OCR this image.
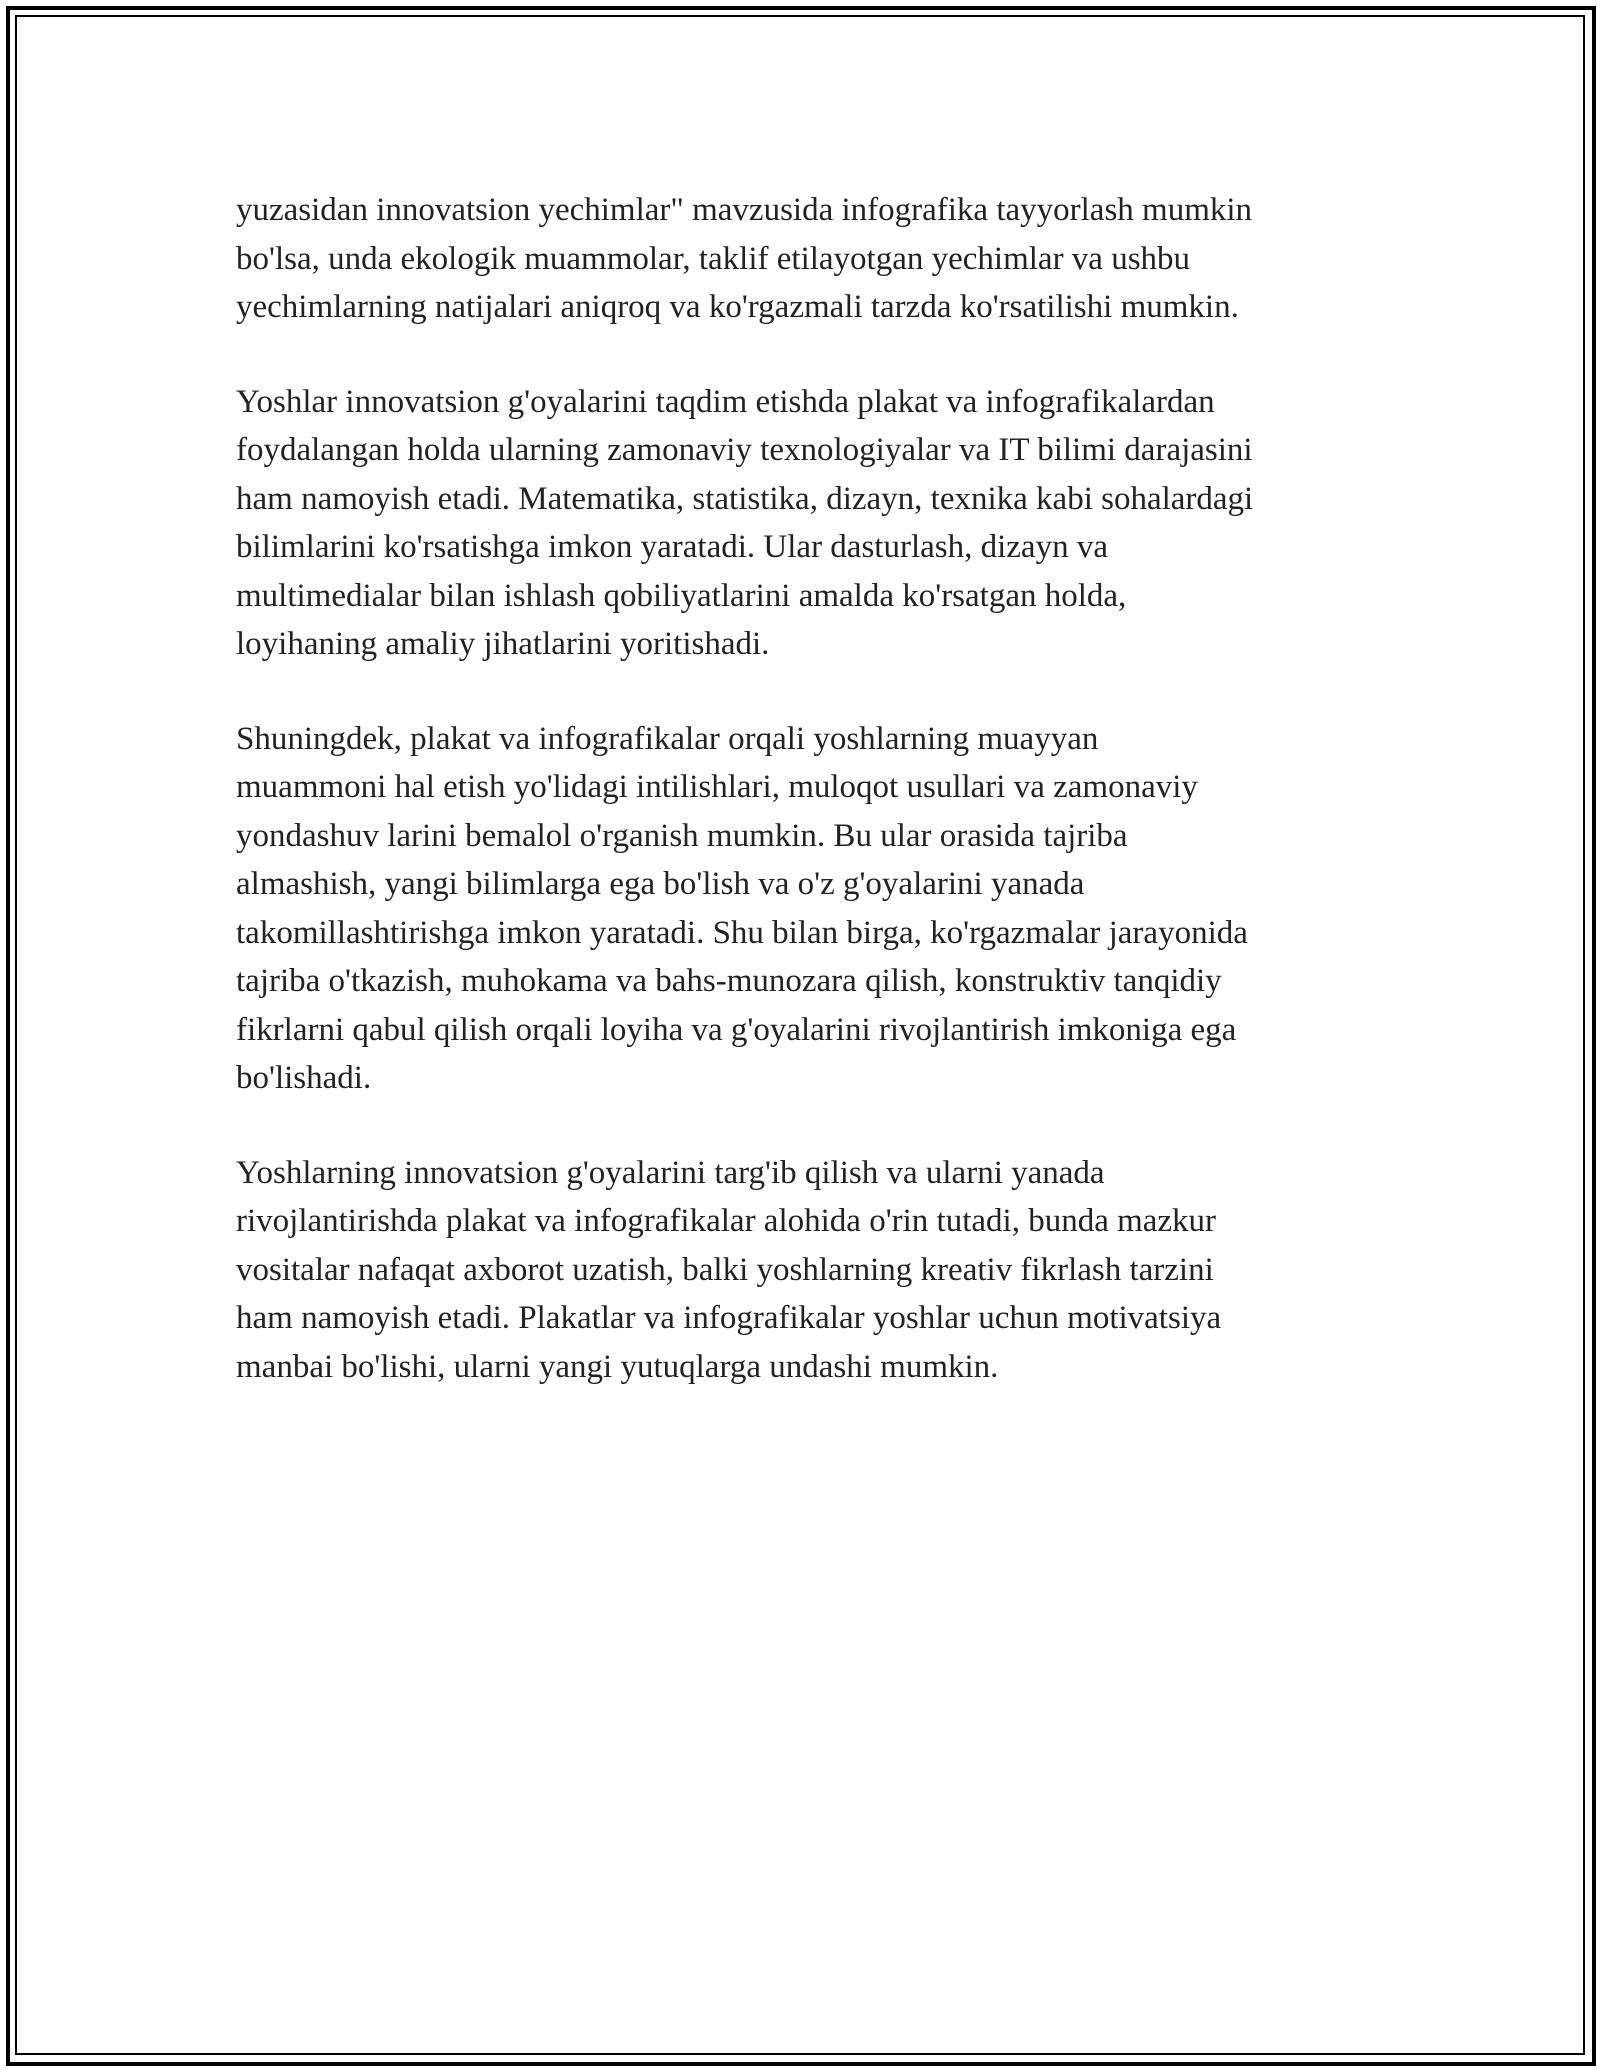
yuzasidan innovatsion yechimlar" mavzusida infografika tayyorlash mumkin
bo'lsa, unda ekologik muammolar, taklif etilayotgan yechimlar va ushbu
yechimlarning natijalari aniqroq va ko'rgazmali tarzda ko'rsatilishi mumkin.

Yoshlar innovatsion g'oyalarini taqdim etishda plakat va infografikalardan
foydalangan holda ularning zamonaviy texnologiyalar va IT bilimi darajasini
ham namoyish etadi. Matematika, statistika, dizayn, texnika kabi sohalardagi
bilimlarini ko'rsatishga imkon yaratadi. Ular dasturlash, dizayn va
multimedialar bilan ishlash qobiliyatlarini amalda ko'rsatgan holda,
loyihaning amaliy jihatlarini yoritishadi.

Shuningdek, plakat va infografikalar orqali yoshlarning muayyan
muammoni hal etish yo'lidagi intilishlari, muloqot usullari va zamonaviy
yondashuv larini bemalol o'rganish mumkin. Bu ular orasida tajriba
almashish, yangi bilimlarga ega bo'lish va o'z g'oyalarini yanada
takomillashtirishga imkon yaratadi. Shu bilan birga, ko'rgazmalar jarayonida
tajriba o'tkazish, muhokama va bahs-munozara qilish, konstruktiv tanqidiy
fikrlarni qabul qilish orqali loyiha va g'oyalarini rivojlantirish imkoniga ega
bo'lishadi.

Yoshlarning innovatsion g'oyalarini targ'ib qilish va ularni yanada
rivojlantirishda plakat va infografikalar alohida o'rin tutadi, bunda mazkur
vositalar nafaqat axborot uzatish, balki yoshlarning kreativ fikrlash tarzini
ham namoyish etadi. Plakatlar va infografikalar yoshlar uchun motivatsiya
manbai bo'lishi, ularni yangi yutuqlarga undashi mumkin.
